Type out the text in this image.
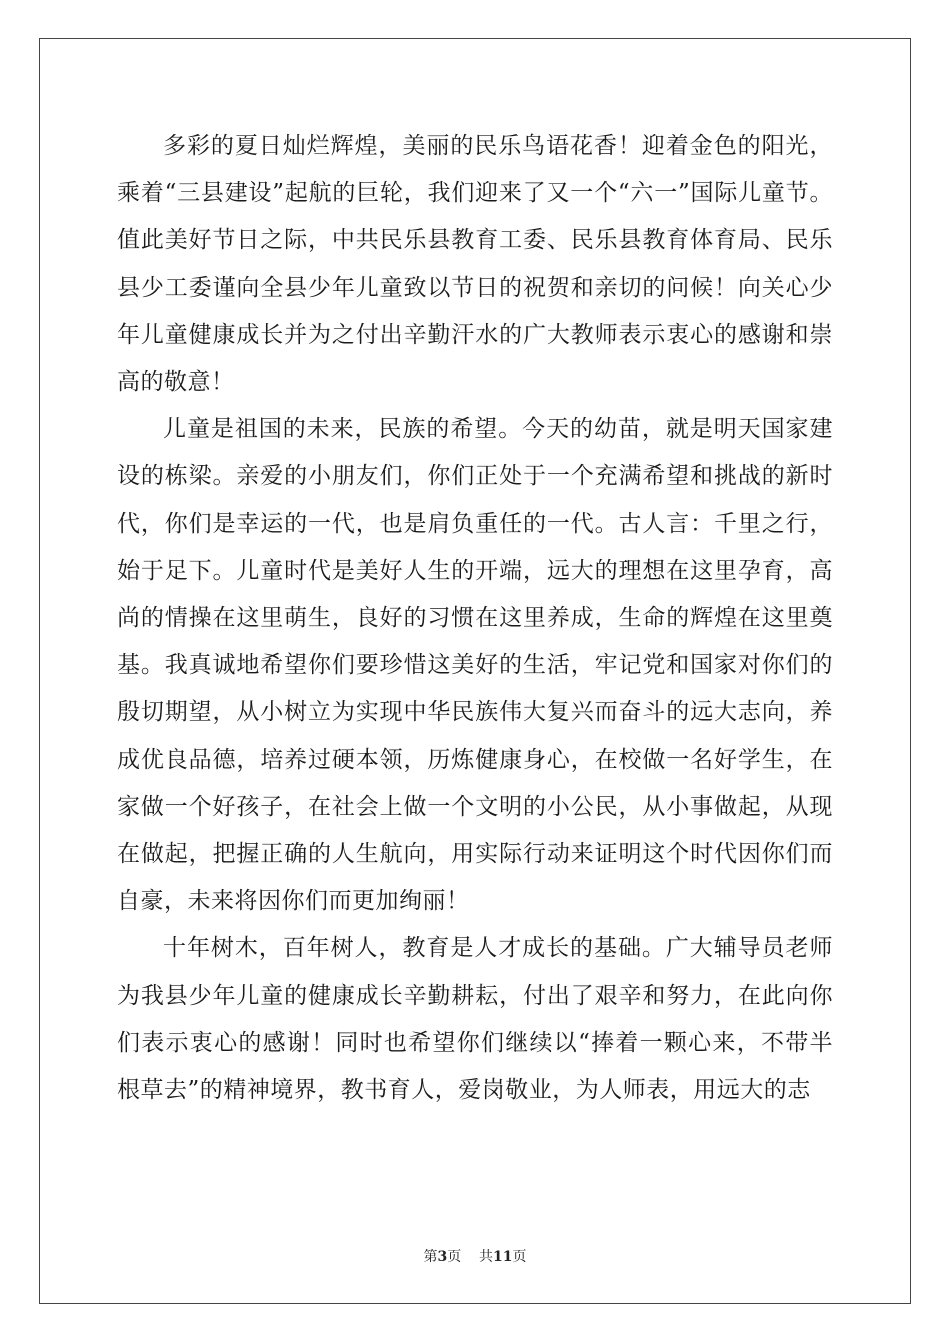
多彩的夏日灿烂辉煌，美丽的民乐鸟语花香！迎着金色的阳光，乘着“三县建设”起航的巨轮，我们迎来了又一个“六一”国际儿童节。值此美好节日之际，中共民乐县教育工委、民乐县教育体育局、民乐县少工委谨向全县少年儿童致以节日的祝贺和亲切的问候！向关心少年儿童健康成长并为之付出辛勤汗水的广大教师表示衷心的感谢和崇高的敬意！

儿童是祖国的未来，民族的希望。今天的幼苗，就是明天国家建设的栋梁。亲爱的小朋友们，你们正处于一个充满希望和挑战的新时代，你们是幸运的一代，也是肩负重任的一代。古人言：千里之行，始于足下。儿童时代是美好人生的开端，远大的理想在这里孕育，高尚的情操在这里萌生，良好的习惯在这里养成，生命的辉煌在这里奠基。我真诚地希望你们要珍惜这美好的生活，牢记党和国家对你们的殷切期望，从小树立为实现中华民族伟大复兴而奋斗的远大志向，养成优良品德，培养过硬本领，历炼健康身心，在校做一名好学生，在家做一个好孩子，在社会上做一个文明的小公民，从小事做起，从现在做起，把握正确的人生航向，用实际行动来证明这个时代因你们而自豪，未来将因你们而更加绚丽！

十年树木，百年树人，教育是人才成长的基础。广大辅导员老师为我县少年儿童的健康成长辛勤耕耘，付出了艰辛和努力，在此向你们表示衷心的感谢！同时也希望你们继续以“捧着一颗心来，不带半根草去”的精神境界，教书育人，爱岗敬业，为人师表，用远大的志

第3页 共11页
